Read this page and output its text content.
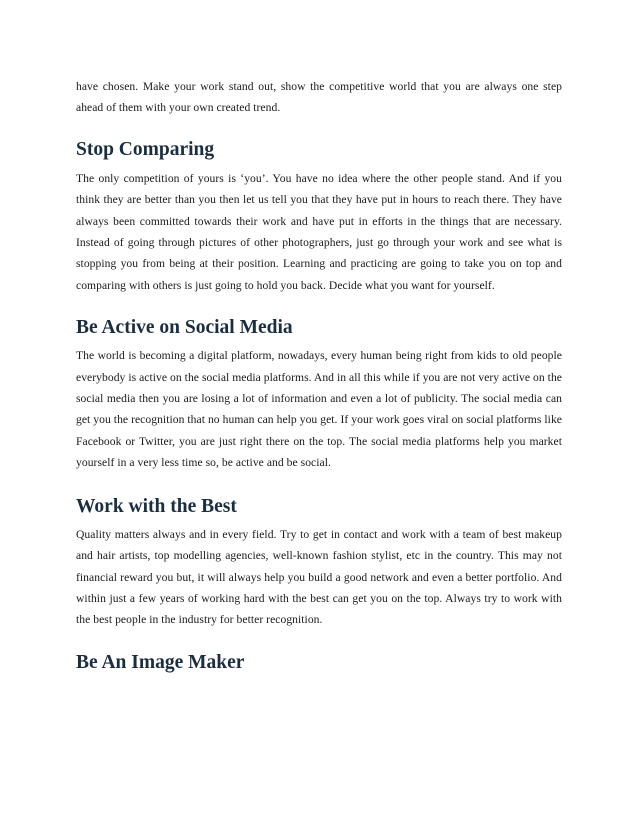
have chosen. Make your work stand out, show the competitive world that you are always one step ahead of them with your own created trend.

Stop Comparing

The only competition of yours is ‘you’. You have no idea where the other people stand. And if you think they are better than you then let us tell you that they have put in hours to reach there. They have always been committed towards their work and have put in efforts in the things that are necessary. Instead of going through pictures of other photographers, just go through your work and see what is stopping you from being at their position. Learning and practicing are going to take you on top and comparing with others is just going to hold you back. Decide what you want for yourself.

Be Active on Social Media

The world is becoming a digital platform, nowadays, every human being right from kids to old people everybody is active on the social media platforms. And in all this while if you are not very active on the social media then you are losing a lot of information and even a lot of publicity. The social media can get you the recognition that no human can help you get. If your work goes viral on social platforms like Facebook or Twitter, you are just right there on the top. The social media platforms help you market yourself in a very less time so, be active and be social.

Work with the Best

Quality matters always and in every field. Try to get in contact and work with a team of best makeup and hair artists, top modelling agencies, well-known fashion stylist, etc in the country. This may not financial reward you but, it will always help you build a good network and even a better portfolio. And within just a few years of working hard with the best can get you on the top. Always try to work with the best people in the industry for better recognition.

Be An Image Maker
